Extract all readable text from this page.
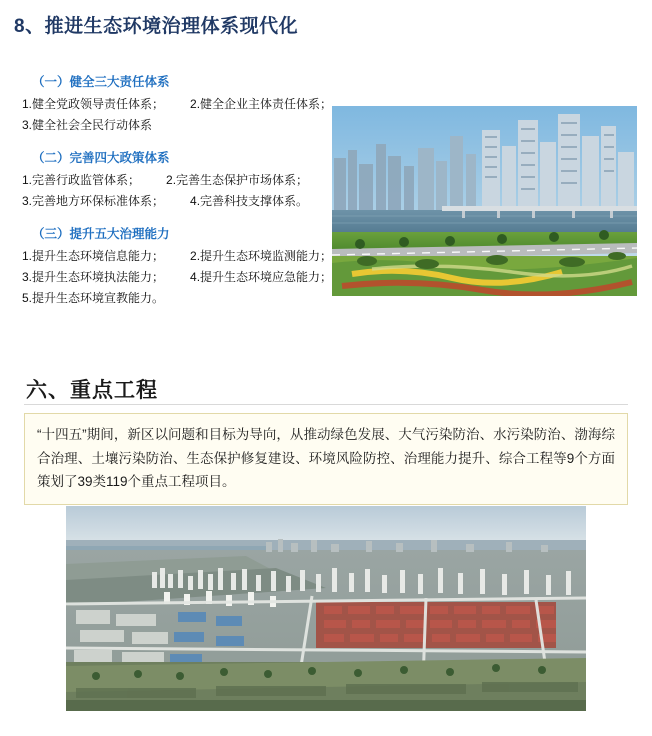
8、推进生态环境治理体系现代化
（一）健全三大责任体系
1.健全党政领导责任体系； 2.健全企业主体责任体系；
3.健全社会全民行动体系
（二）完善四大政策体系
1.完善行政监管体系； 2.完善生态保护市场体系；
3.完善地方环保标准体系； 4.完善科技支撑体系。
（三）提升五大治理能力
1.提升生态环境信息能力； 2.提升生态环境监测能力；
3.提升生态环境执法能力； 4.提升生态环境应急能力；
5.提升生态环境宣教能力。
六、重点工程
“十四五”期间，新区以问题和目标为导向，从推动绿色发展、大气污染防治、水污染防治、渤海综合治理、土壤污染防治、生态保护修复建设、环境风险防控、治理能力提升、综合工程等9个方面策划了39类119个重点工程项目。
